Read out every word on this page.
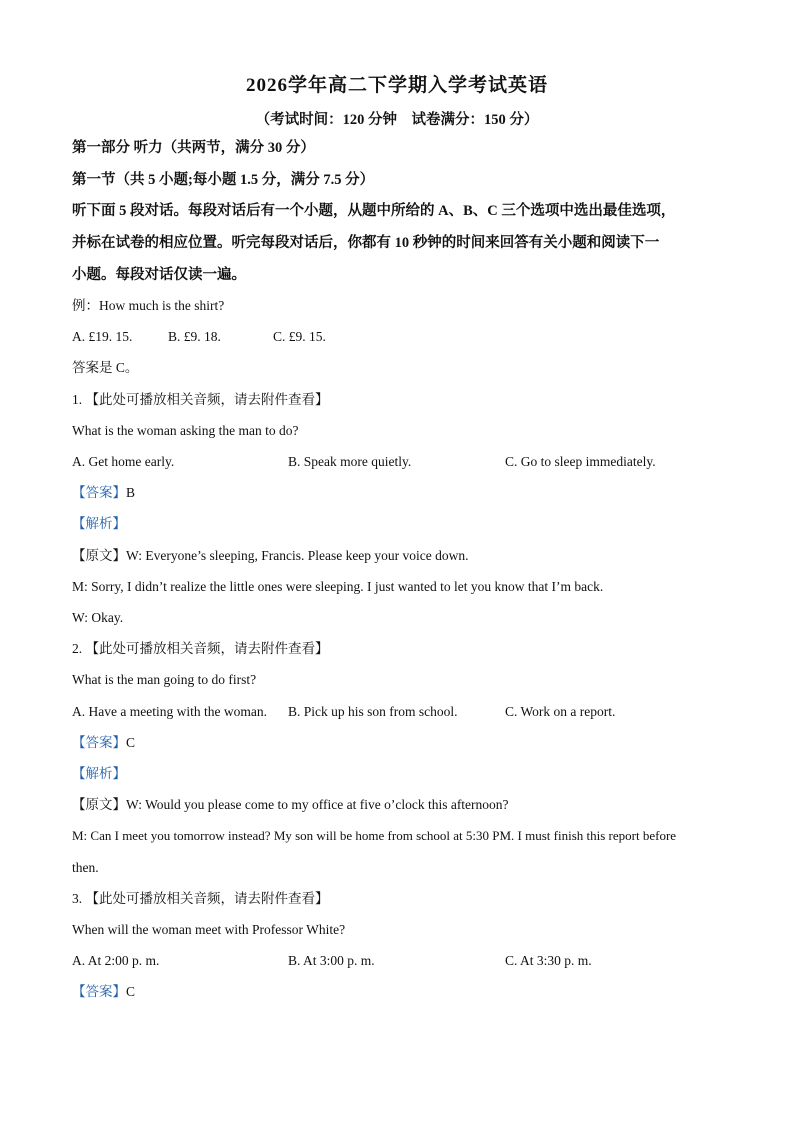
2026学年高二下学期入学考试英语
（考试时间：120 分钟　试卷满分：150 分）
第一部分 听力（共两节，满分 30 分）
第一节（共 5 小题;每小题 1.5 分，满分 7.5 分）
听下面 5 段对话。每段对话后有一个小题，从题中所给的 A、B、C 三个选项中选出最佳选项，
并标在试卷的相应位置。听完每段对话后，你都有 10 秒钟的时间来回答有关小题和阅读下一
小题。每段对话仅读一遍。
例：How much is the shirt?
A. £19. 15.	B. £9. 18.	C. £9. 15.
答案是 C。
1. 【此处可播放相关音频，请去附件查看】
What is the woman asking the man to do?
A. Get home early.	B. Speak more quietly.	C. Go to sleep immediately.
【答案】B
【解析】
【原文】W: Everyone’s sleeping, Francis. Please keep your voice down.
M: Sorry, I didn’t realize the little ones were sleeping. I just wanted to let you know that I’m back.
W: Okay.
2. 【此处可播放相关音频，请去附件查看】
What is the man going to do first?
A. Have a meeting with the woman. B. Pick up his son from school.	C. Work on a report.
【答案】C
【解析】
【原文】W: Would you please come to my office at five o’clock this afternoon?
M: Can I meet you tomorrow instead? My son will be home from school at 5:30 PM. I must finish this report before
then.
3. 【此处可播放相关音频，请去附件查看】
When will the woman meet with Professor White?
A. At 2:00 p. m.	B. At 3:00 p. m.	C. At 3:30 p. m.
【答案】C
